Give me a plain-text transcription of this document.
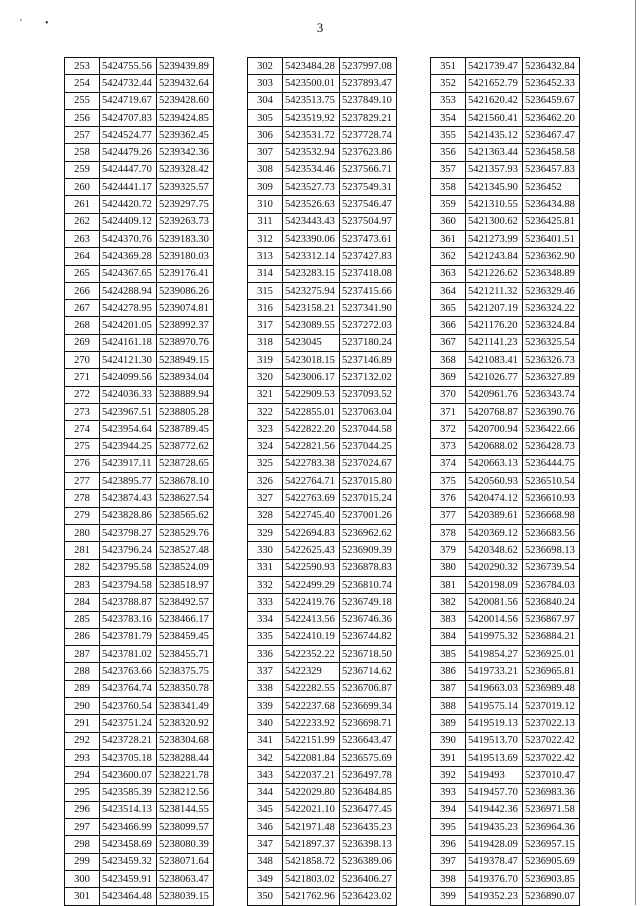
' •	3
253	5424755.56	5239439.89
254	5424732.44	5239432.64
255	5424719.67	5239428.60
256	5424707.83	5239424.85
257	5424524.77	5239362.45
258	5424479.26	5239342.36
259	5424447.70	5239328.42
260	5424441.17	5239325.57
261	5424420.72	5239297.75
262	5424409.12	5239263.73
263	5424370.76	5239183.30
264	5424369.28	5239180.03
265	5424367.65	5239176.41
266	5424288.94	5239086.26
267	5424278.95	5239074.81
268	5424201.05	5238992.37
269	5424161.18	5238970.76
270	5424121.30	5238949.15
271	5424099.56	5238934.04
272	5424036.33	5238889.94
273	5423967.51	5238805.28
274	5423954.64	5238789.45
275	5423944.25	5238772.62
276	5423917.11	5238728.65
277	5423895.77	5238678.10
278	5423874.43	5238627.54
279	5423828.86	5238565.62
280	5423798.27	5238529.76
281	5423796.24	5238527.48
282	5423795.58	5238524.09
283	5423794.58	5238518.97
284	5423788.87	5238492.57
285	5423783.16	5238466.17
286	5423781.79	5238459.45
287	5423781.02	5238455.71
288	5423763.66	5238375.75
289	5423764.74	5238350.78
290	5423760.54	5238341.49
291	5423751.24	5238320.92
292	5423728.21	5238304.68
293	5423705.18	5238288.44
294	5423600.07	5238221.78
295	5423585.39	5238212.56
296	5423514.13	5238144.55
297	5423466.99	5238099.57
298	5423458.69	5238080.39
299	5423459.32	5238071.64
300	5423459.91	5238063.47
301	5423464.48	5238039.15
302	5423484.28	5237997.08
303	5423500.01	5237893.47
304	5423513.75	5237849.10
305	5423519.92	5237829.21
306	5423531.72	5237728.74
307	5423532.94	5237623.86
308	5423534.46	5237566.71
309	5423527.73	5237549.31
310	5423526.63	5237546.47
311	5423443.43	5237504.97
312	5423390.06	5237473.61
313	5423312.14	5237427.83
314	5423283.15	5237418.08
315	5423275.94	5237415.66
316	5423158.21	5237341.90
317	5423089.55	5237272.03
318	5423045	5237180.24
319	5423018.15	5237146.89
320	5423006.17	5237132.02
321	5422909.53	5237093.52
322	5422855.01	5237063.04
323	5422822.20	5237044.58
324	5422821.56	5237044.25
325	5422783.38	5237024.67
326	5422764.71	5237015.80
327	5422763.69	5237015.24
328	5422745.40	5237001.26
329	5422694.83	5236962.62
330	5422625.43	5236909.39
331	5422590.93	5236878.83
332	5422499.29	5236810.74
333	5422419.76	5236749.18
334	5422413.56	5236746.36
335	5422410.19	5236744.82
336	5422352.22	5236718.50
337	5422329	5236714.62
338	5422282.55	5236706.87
339	5422237.68	5236699.34
340	5422233.92	5236698.71
341	5422151.99	5236643.47
342	5422081.84	5236575.69
343	5422037.21	5236497.78
344	5422029.80	5236484.85
345	5422021.10	5236477.45
346	5421971.48	5236435.23
347	5421897.37	5236398.13
348	5421858.72	5236389.06
349	5421803.02	5236406.27
350	5421762.96	5236423.02
351	5421739.47	5236432.84
352	5421652.79	5236452.33
353	5421620.42	5236459.67
354	5421560.41	5236462.20
355	5421435.12	5236467.47
356	5421363.44	5236458.58
357	5421357.93	5236457.83
358	5421345.90	5236452
359	5421310.55	5236434.88
360	5421300.62	5236425.81
361	5421273.99	5236401.51
362	5421243.84	5236362.90
363	5421226.62	5236348.89
364	5421211.32	5236329.46
365	5421207.19	5236324.22
366	5421176.20	5236324.84
367	5421141.23	5236325.54
368	5421083.41	5236326.73
369	5421026.77	5236327.89
370	5420961.76	5236343.74
371	5420768.87	5236390.76
372	5420700.94	5236422.66
373	5420688.02	5236428.73
374	5420663.13	5236444.75
375	5420560.93	5236510.54
376	5420474.12	5236610.93
377	5420389.61	5236668.98
378	5420369.12	5236683.56
379	5420348.62	5236698.13
380	5420290.32	5236739.54
381	5420198.09	5236784.03
382	5420081.56	5236840.24
383	5420014.56	5236867.97
384	5419975.32	5236884.21
385	5419854.27	5236925.01
386	5419733.21	5236965.81
387	5419663.03	5236989.48
388	5419575.14	5237019.12
389	5419519.13	5237022.13
390	5419513.70	5237022.42
391	5419513.69	5237022.42
392	5419493	5237010.47
393	5419457.70	5236983.36
394	5419442.36	5236971.58
395	5419435.23	5236964.36
396	5419428.09	5236957.15
397	5419378.47	5236905.69
398	5419376.70	5236903.85
399	5419352.23	5236890.07
